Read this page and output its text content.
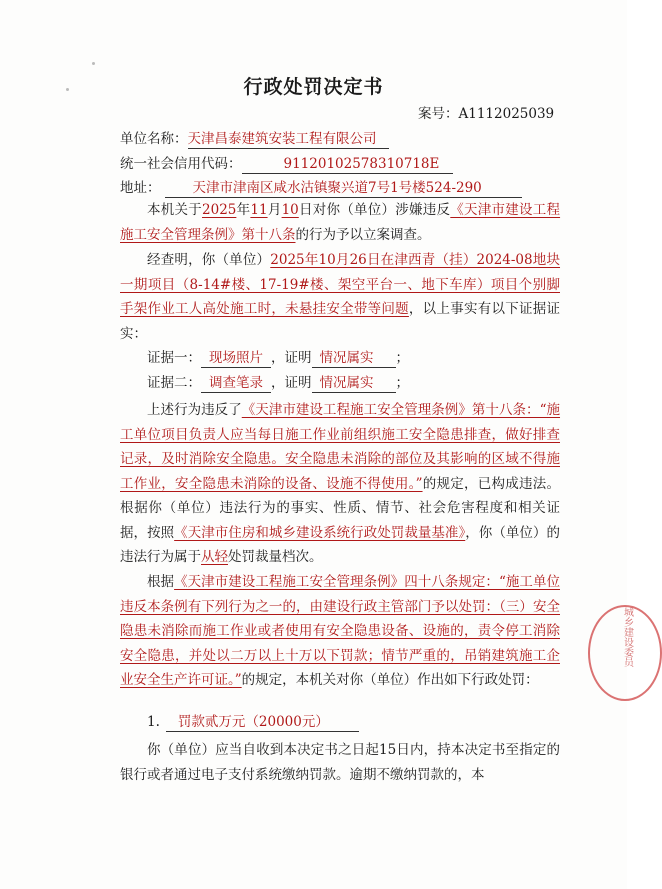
行政处罚决定书
案号：A1112025039
单位名称：天津昌泰建筑安装工程有限公司
统一社会信用代码：	91120102578310718E
地址： 天津市津南区咸水沽镇聚兴道7号1号楼524-290
本机关于2025年11月10日对你（单位）涉嫌违反《天津市建设工程施工安全管理条例》第十八条的行为予以立案调查。
经查明，你（单位）2025年10月26日在津西青（挂）2024-08地块一期项目（8-14#楼、17-19#楼、架空平台一、地下车库）项目个别脚手架作业工人高处施工时，未悬挂安全带等问题，以上事实有以下证据证实：
证据一： 现场照片 ，证明 情况属实 ；
证据二： 调查笔录 ，证明 情况属实 ；
上述行为违反了《天津市建设工程施工安全管理条例》第十八条：“施工单位项目负责人应当每日施工作业前组织施工安全隐患排查，做好排查记录，及时消除安全隐患。安全隐患未消除的部位及其影响的区域不得施工作业，安全隐患未消除的设备、设施不得使用。”的规定，已构成违法。根据你（单位）违法行为的事实、性质、情节、社会危害程度和相关证据，按照《天津市住房和城乡建设系统行政处罚裁量基准》，你（单位）的违法行为属于从轻处罚裁量档次。
根据《天津市建设工程施工安全管理条例》四十八条规定：“施工单位违反本条例有下列行为之一的，由建设行政主管部门予以处罚：（三）安全隐患未消除而施工作业或者使用有安全隐患设备、设施的，责令停工消除安全隐患，并处以二万以上十万以下罚款；情节严重的，吊销建筑施工企业安全生产许可证。”的规定，本机关对你（单位）作出如下行政处罚：
1. 罚款贰万元（20000元）
你（单位）应当自收到本决定书之日起15日内，持本决定书至指定的银行或者通过电子支付系统缴纳罚款。逾期不缴纳罚款的，本
城乡建设委员
